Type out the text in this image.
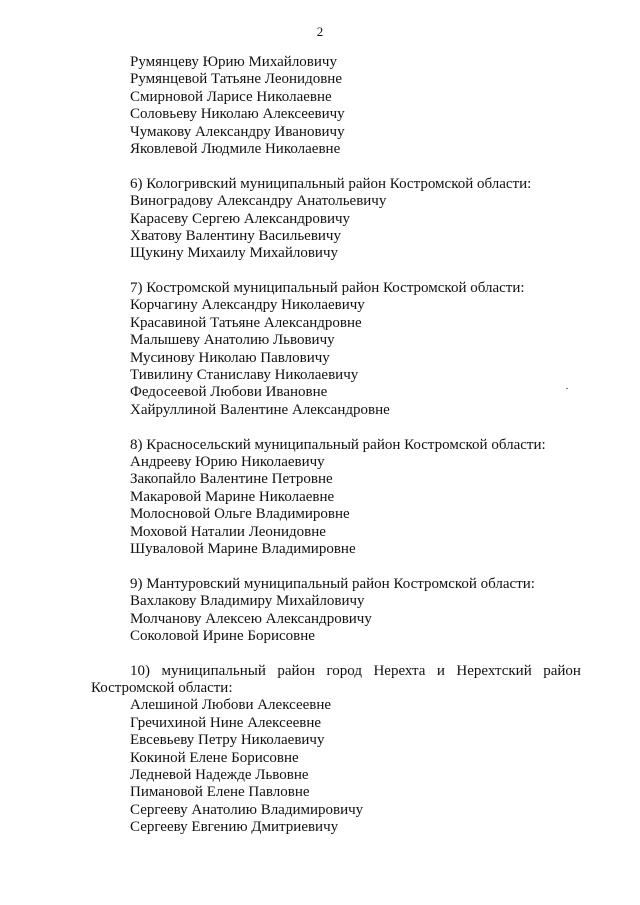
2
Румянцеву Юрию Михайловичу
Румянцевой Татьяне Леонидовне
Смирновой Ларисе Николаевне
Соловьеву Николаю Алексеевичу
Чумакову Александру Ивановичу
Яковлевой Людмиле Николаевне
6) Кологривский муниципальный район Костромской области:
Виноградову Александру Анатольевичу
Карасеву Сергею Александровичу
Хватову Валентину Васильевичу
Щукину Михаилу Михайловичу
7) Костромской муниципальный район Костромской области:
Корчагину Александру Николаевичу
Красавиной Татьяне Александровне
Малышеву Анатолию Львовичу
Мусинову Николаю Павловичу
Тивилину Станиславу Николаевичу
Федосеевой Любови Ивановне
Хайруллиной Валентине Александровне
8) Красносельский муниципальный район Костромской области:
Андрееву Юрию Николаевичу
Закопайло Валентине Петровне
Макаровой Марине Николаевне
Молосновой Ольге Владимировне
Моховой Наталии Леонидовне
Шуваловой Марине Владимировне
9) Мантуровский муниципальный район Костромской области:
Вахлакову Владимиру Михайловичу
Молчанову Алексею Александровичу
Соколовой Ирине Борисовне
10) муниципальный район город Нерехта и Нерехтский район
Костромской области:
Алешиной Любови Алексеевне
Гречихиной Нине Алексеевне
Евсевьеву Петру Николаевичу
Кокиной Елене Борисовне
Ледневой Надежде Львовне
Пимановой Елене Павловне
Сергееву Анатолию Владимировичу
Сергееву Евгению Дмитриевичу
